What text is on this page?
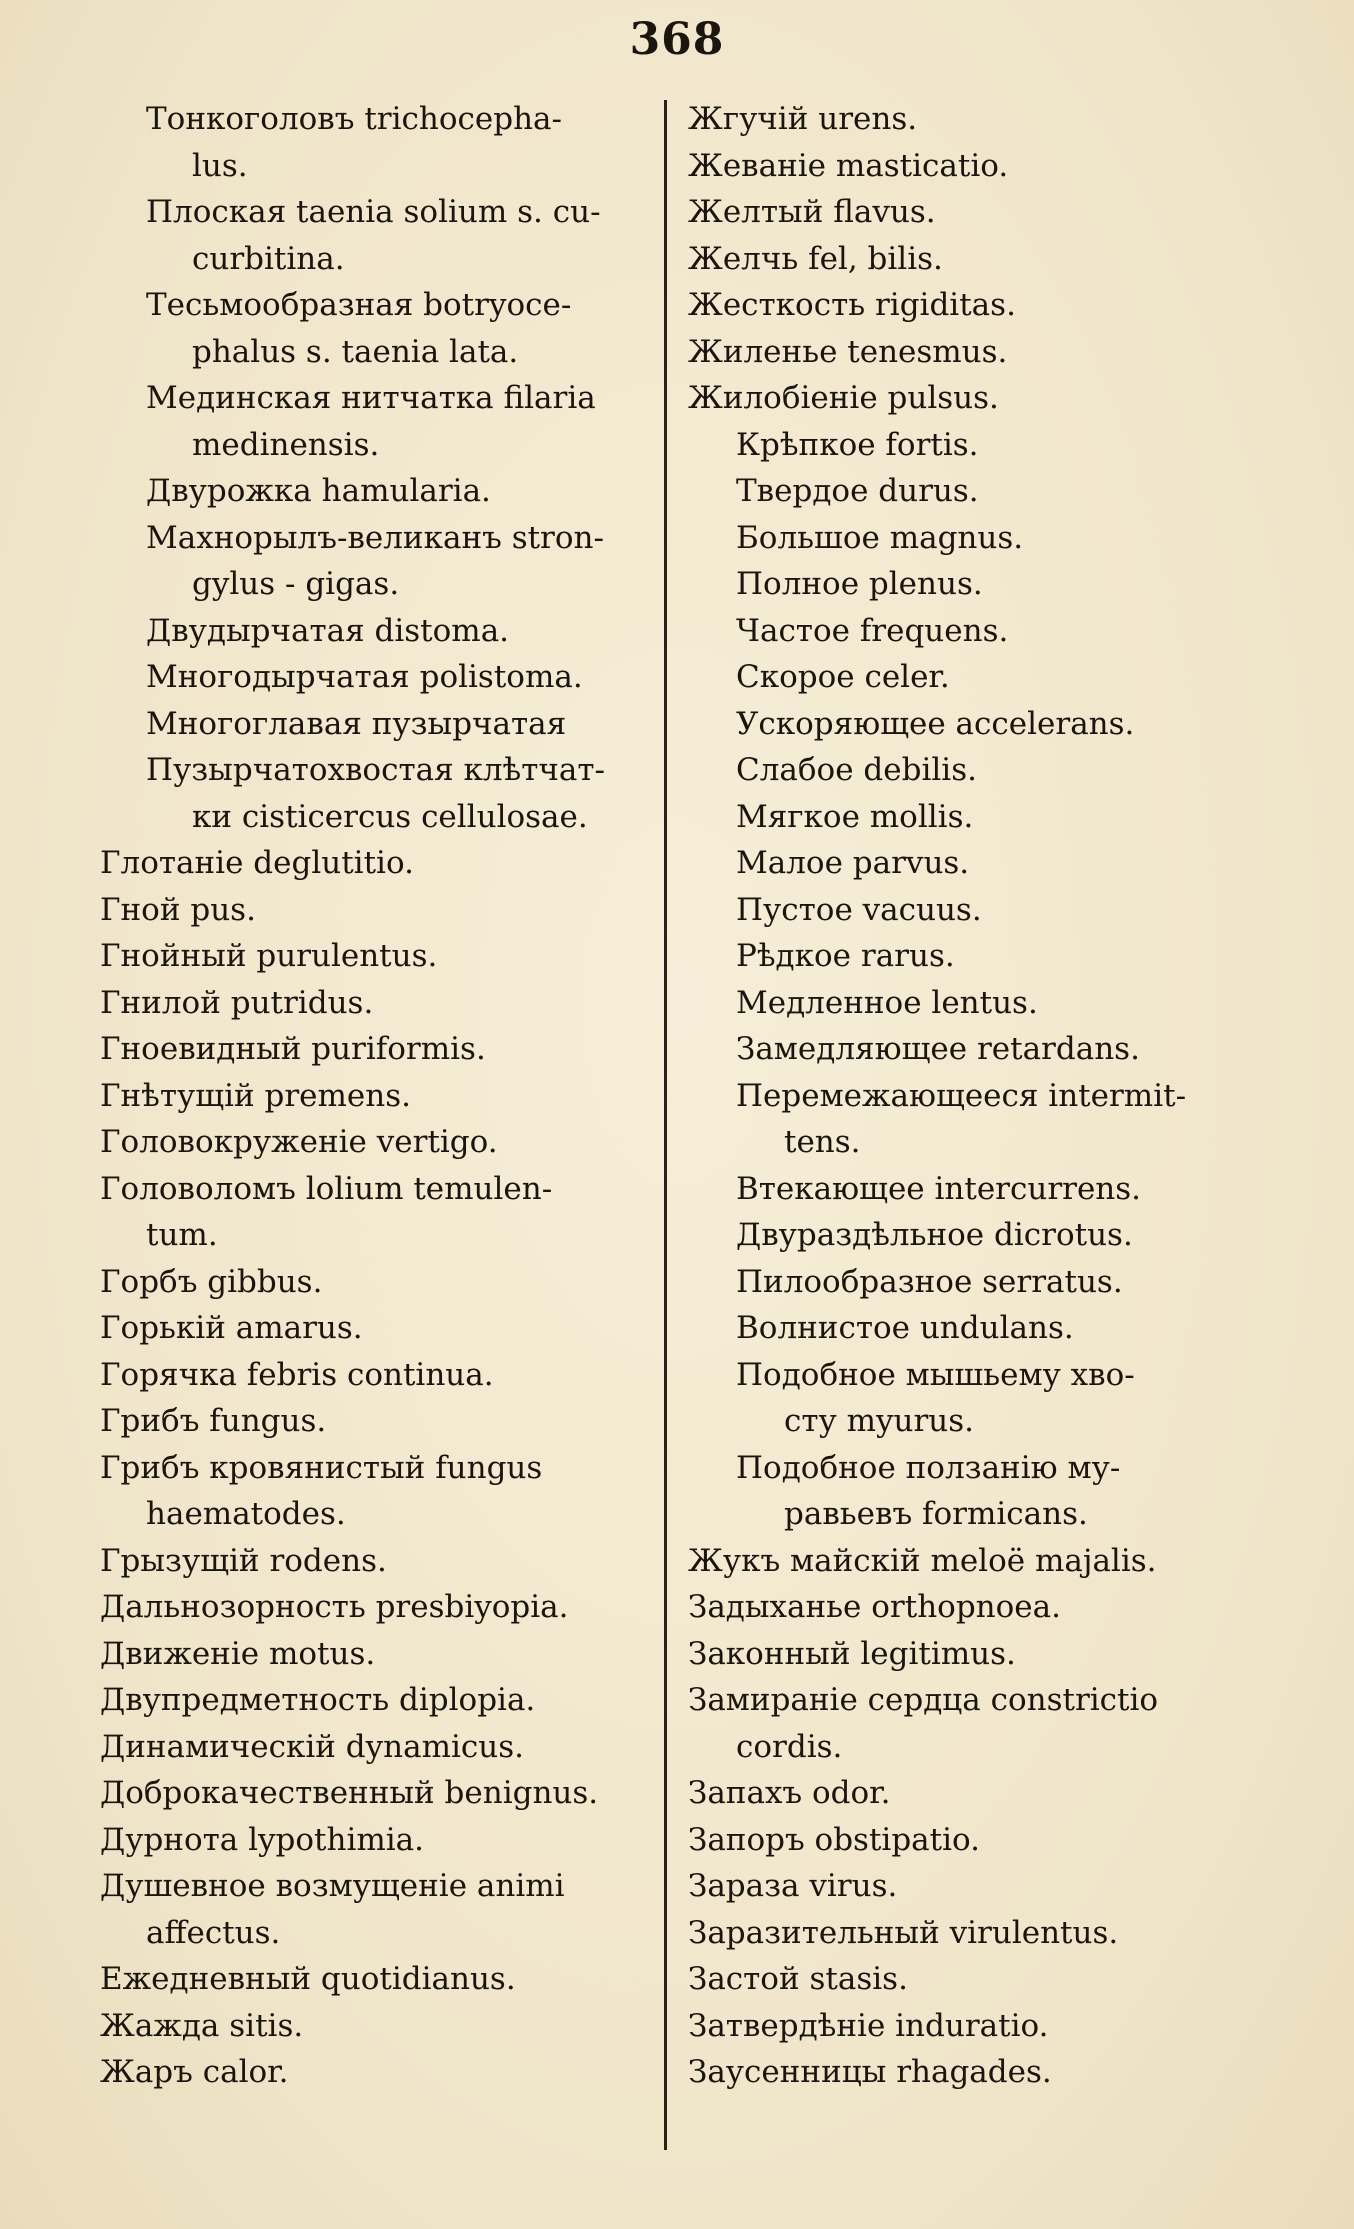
368
Тонкоголовъ trichocepha-
lus.
Плоская taenia solium s. cu-
curbitina.
Тесьмообразная botryoce-
phalus s. taenia lata.
Мединская нитчатка filaria
medinensis.
Двурожка hamularia.
Махнорылъ-великанъ stron-
gylus - gigas.
Двудырчатая distoma.
Многодырчатая polistoma.
Многоглавая пузырчатая
Пузырчатохвостая клѣтчат-
ки cisticercus cellulosae.
Глотанiе deglutitio.
Гной pus.
Гнойный purulentus.
Гнилой putridus.
Гноевидный puriformis.
Гнѣтущiй premens.
Головокруженiе vertigo.
Головоломъ lolium temulen-
tum.
Горбъ gibbus.
Горькiй amarus.
Горячка febris continua.
Грибъ fungus.
Грибъ кровянистый fungus
haematodes.
Грызущiй rodens.
Дальнозорность presbiyopia.
Движенiе motus.
Двупредметность diplopia.
Динамическiй dynamicus.
Доброкачественный benignus.
Дурнота lypothimia.
Душевное возмущенiе animi
affectus.
Ежедневный quotidianus.
Жажда sitis.
Жаръ calor.
Жгучiй urens.
Жеванiе masticatio.
Желтый flavus.
Желчь fel, bilis.
Жесткость rigiditas.
Жиленье tenesmus.
Жилобiенiе pulsus.
Крѣпкое fortis.
Твердое durus.
Большое magnus.
Полное plenus.
Частое frequens.
Скорое celer.
Ускоряющее accelerans.
Слабое debilis.
Мягкое mollis.
Малое parvus.
Пустое vacuus.
Рѣдкое rarus.
Медленное lentus.
Замедляющее retardans.
Перемежающееся intermit-
tens.
Втекающее intercurrens.
Двураздѣльное dicrotus.
Пилообразное serratus.
Волнистое undulans.
Подобное мышьему хво-
сту myurus.
Подобное ползанiю му-
равьевъ formicans.
Жукъ майскiй meloë majalis.
Задыханье orthopnoea.
Законный legitimus.
Замиранiе сердца constrictio
cordis.
Запахъ odor.
Запоръ obstipatio.
Зараза virus.
Заразительный virulentus.
Застой stasis.
Затвердѣнiе induratio.
Заусенницы rhagades.
